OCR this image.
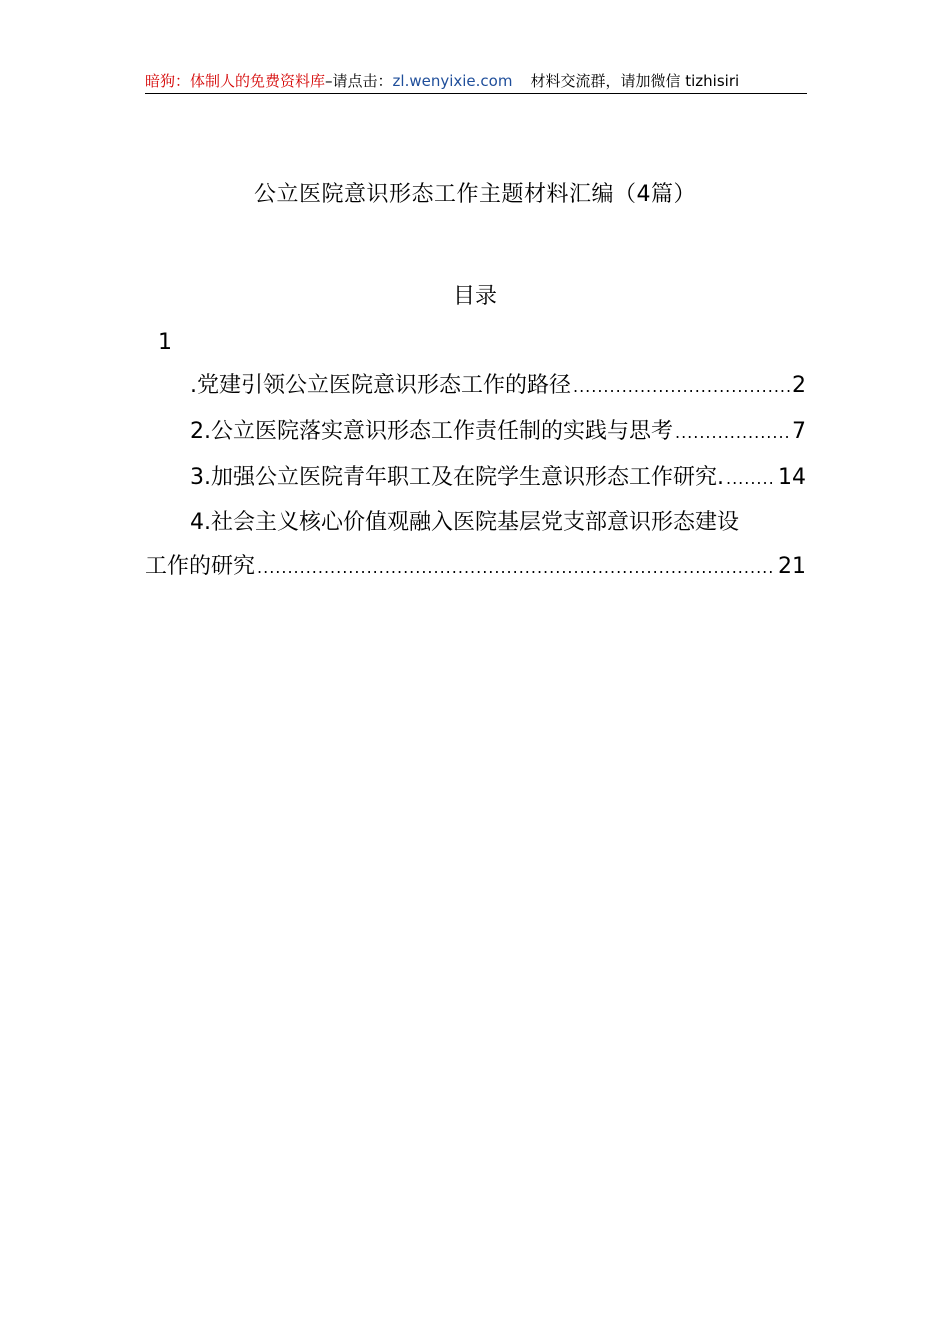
暗狗：体制人的免费资料库–请点击：zl.wenyixie.com 材料交流群，请加微信 tizhisiri
公立医院意识形态工作主题材料汇编（4篇）
目录
1
.党建引领公立医院意识形态工作的路径 .....	2
2.公立医院落实意识形态工作责任制的实践与思考 .....	7
3.加强公立医院青年职工及在院学生意识形态工作研究. ..... 14
4.社会主义核心价值观融入医院基层党支部意识形态建设
工作的研究 .....	21
